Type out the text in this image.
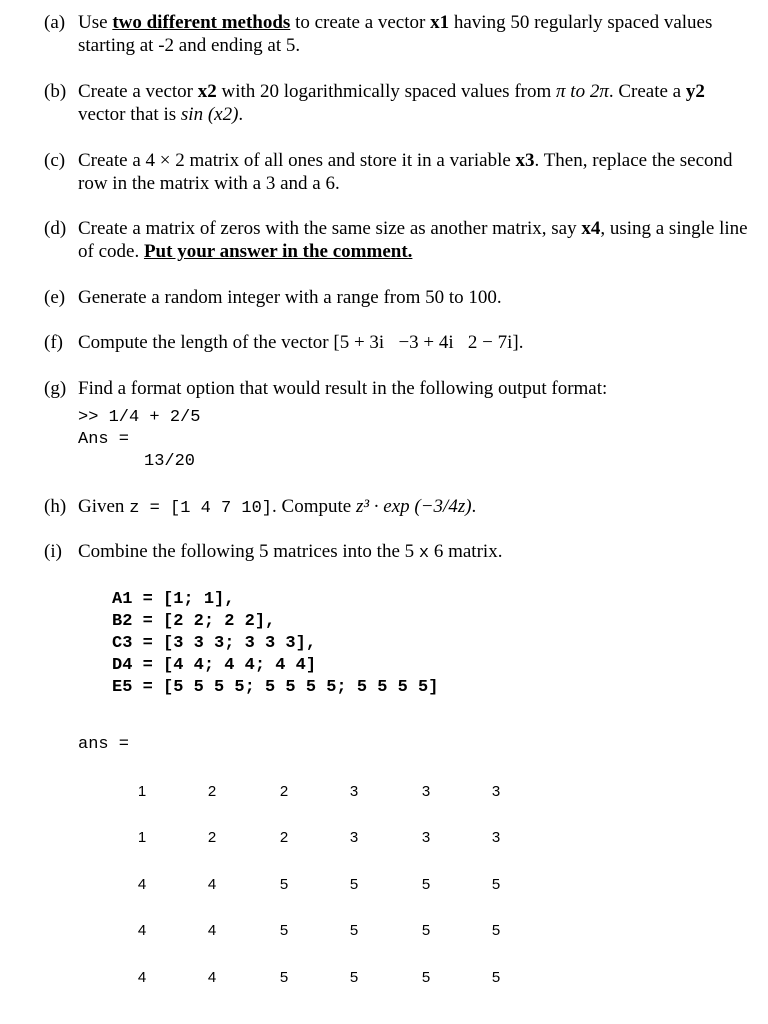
(a) Use two different methods to create a vector x1 having 50 regularly spaced values
starting at -2 and ending at 5.
(b) Create a vector x2 with 20 logarithmically spaced values from π to 2π. Create a y2
vector that is sin (x2).
(c) Create a 4 × 2 matrix of all ones and store it in a variable x3. Then, replace the second
row in the matrix with a 3 and a 6.
(d) Create a matrix of zeros with the same size as another matrix, say x4, using a single line
of code. Put your answer in the comment.
(e) Generate a random integer with a range from 50 to 100.
(f) Compute the length of the vector [5 + 3i   −3 + 4i   2 − 7i].
(g) Find a format option that would result in the following output format:
>> 1/4 + 2/5
Ans =
13/20
(h) Given z = [1 4 7 10]. Compute z³ · exp (−3/4z).
(i) Combine the following 5 matrices into the 5 x 6 matrix.
A1 = [1; 1],
B2 = [2 2; 2 2],
C3 = [3 3 3; 3 3 3],
D4 = [4 4; 4 4; 4 4]
E5 = [5 5 5 5; 5 5 5 5; 5 5 5 5]
ans =
1	2	2	3	3	3
1	2	2	3	3	3
4	4	5	5	5	5
4	4	5	5	5	5
4	4	5	5	5	5
